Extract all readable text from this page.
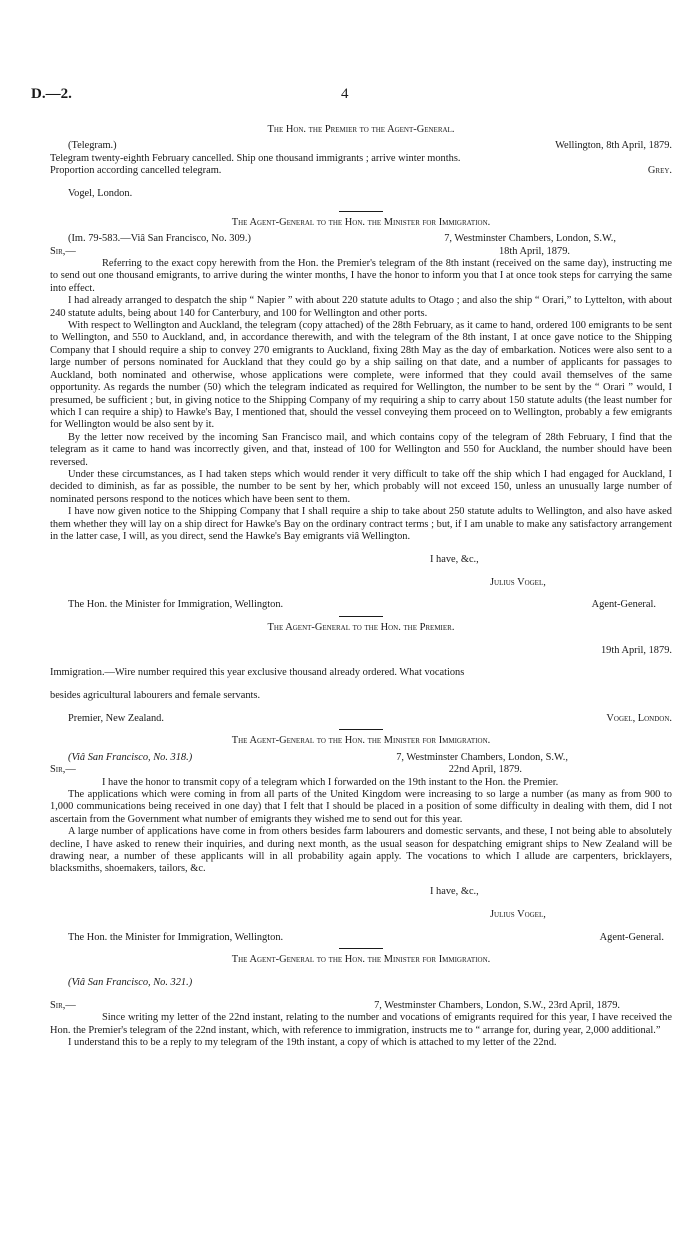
D.—2.	4

The Hon. the Premier to the Agent-General.

(Telegram.)	Wellington, 8th April, 1879.

Telegram twenty-eighth February cancelled. Ship one thousand immigrants ; arrive winter months.

Proportion according cancelled telegram.	Grey.

Vogel, London.

The Agent-General to the Hon. the Minister for Immigration.

(Im. 79-583.—Viâ San Francisco, No. 309.)	7, Westminster Chambers, London, S.W.,
Sir,—	18th April, 1879.

Referring to the exact copy herewith from the Hon. the Premier's telegram of the 8th instant (received on the same day), instructing me to send out one thousand emigrants, to arrive during the winter months, I have the honor to inform you that I at once took steps for carrying the same into effect.

I had already arranged to despatch the ship “ Napier ” with about 220 statute adults to Otago ; and also the ship “ Orari,” to Lyttelton, with about 240 statute adults, being about 140 for Canterbury, and 100 for Wellington and other ports.

With respect to Wellington and Auckland, the telegram (copy attached) of the 28th February, as it came to hand, ordered 100 emigrants to be sent to Wellington, and 550 to Auckland, and, in accordance therewith, and with the telegram of the 8th instant, I at once gave notice to the Shipping Company that I should require a ship to convey 270 emigrants to Auckland, fixing 28th May as the day of embarkation. Notices were also sent to a large number of persons nominated for Auckland that they could go by a ship sailing on that date, and a number of applicants for passages to Auckland, both nominated and otherwise, whose applications were complete, were informed that they could avail themselves of the same opportunity. As regards the number (50) which the telegram indicated as required for Wellington, the number to be sent by the “ Orari ” would, I presumed, be sufficient ; but, in giving notice to the Shipping Company of my requiring a ship to carry about 150 statute adults (the least number for which I can require a ship) to Hawke's Bay, I mentioned that, should the vessel conveying them proceed on to Wellington, probably a few emigrants for Wellington would be also sent by it.

By the letter now received by the incoming San Francisco mail, and which contains copy of the telegram of 28th February, I find that the telegram as it came to hand was incorrectly given, and that, instead of 100 for Wellington and 550 for Auckland, the number should have been reversed.

Under these circumstances, as I had taken steps which would render it very difficult to take off the ship which I had engaged for Auckland, I decided to diminish, as far as possible, the number to be sent by her, which probably will not exceed 150, unless an unusually large number of nominated persons respond to the notices which have been sent to them.

I have now given notice to the Shipping Company that I shall require a ship to take about 250 statute adults to Wellington, and also have asked them whether they will lay on a ship direct for Hawke's Bay on the ordinary contract terms ; but, if I am unable to make any satisfactory arrangement in the latter case, I will, as you direct, send the Hawke's Bay emigrants viâ Wellington.

I have, &c.,

Julius Vogel,

The Hon. the Minister for Immigration, Wellington.	Agent-General.

The Agent-General to the Hon. the Premier.

19th April, 1879.

Immigration.—Wire number required this year exclusive thousand already ordered. What vocations

besides agricultural labourers and female servants.

Premier, New Zealand.	Vogel, London.

The Agent-General to the Hon. the Minister for Immigration.

(Viâ San Francisco, No. 318.)	7, Westminster Chambers, London, S.W.,
Sir,—	22nd April, 1879.

I have the honor to transmit copy of a telegram which I forwarded on the 19th instant to the Hon. the Premier.

The applications which were coming in from all parts of the United Kingdom were increasing to so large a number (as many as from 900 to 1,000 communications being received in one day) that I felt that I should be placed in a position of some difficulty in dealing with them, did I not ascertain from the Government what number of emigrants they wished me to send out for this year.

A large number of applications have come in from others besides farm labourers and domestic servants, and these, I not being able to absolutely decline, I have asked to renew their inquiries, and during next month, as the usual season for despatching emigrant ships to New Zealand will be drawing near, a number of these applicants will in all probability again apply. The vocations to which I allude are carpenters, bricklayers, blacksmiths, shoemakers, tailors, &c.

I have, &c.,

Julius Vogel,

The Hon. the Minister for Immigration, Wellington.	Agent-General.

The Agent-General to the Hon. the Minister for Immigration.

(Viâ San Francisco, No. 321.)

Sir,—	7, Westminster Chambers, London, S.W., 23rd April, 1879.

Since writing my letter of the 22nd instant, relating to the number and vocations of emigrants required for this year, I have received the Hon. the Premier's telegram of the 22nd instant, which, with reference to immigration, instructs me to “ arrange for, during year, 2,000 additional.”

I understand this to be a reply to my telegram of the 19th instant, a copy of which is attached to my letter of the 22nd.
